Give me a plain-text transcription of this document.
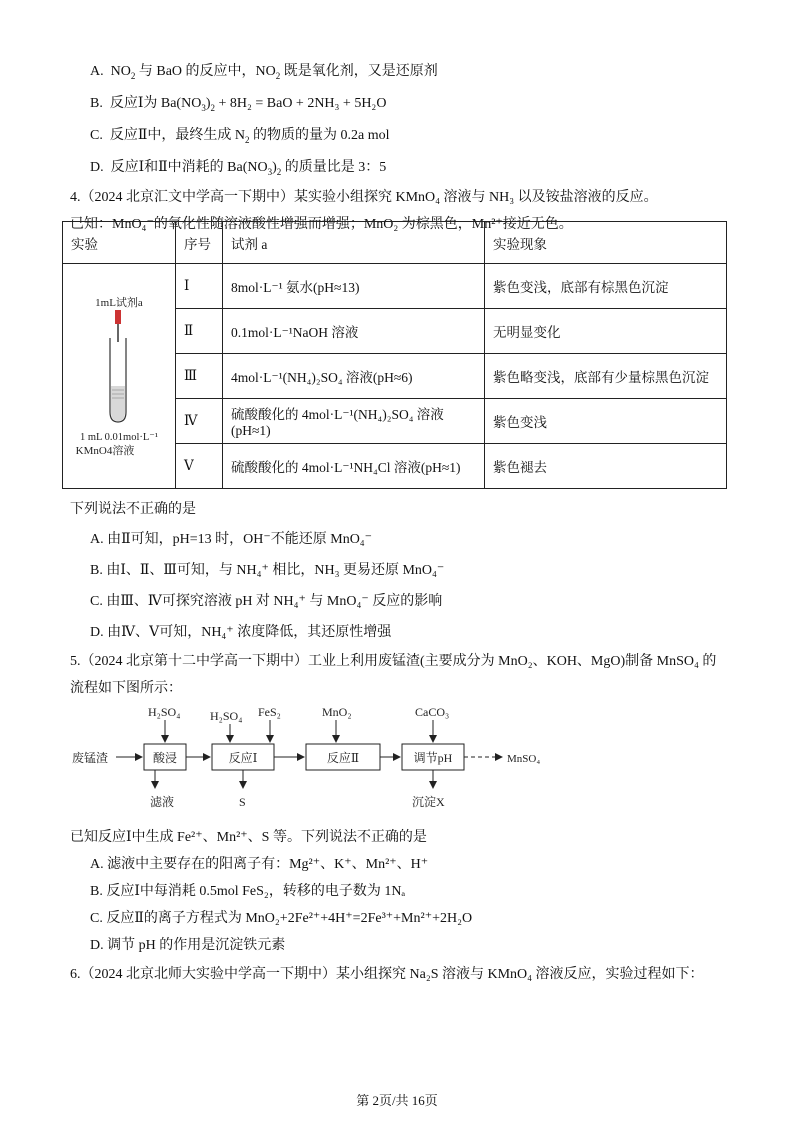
A. $NO_2$ 与 BaO 的反应中，$NO_2$ 既是氧化剂，又是还原剂
B. 反应Ⅰ为 $Ba(NO_3)_2 + 8H_2$ = BaO + 2NH₃ + 5H₂O
C. 反应Ⅱ中，最终生成 $N_2$ 的物质的量为 0.2a mol
D. 反应Ⅰ和Ⅱ中消耗的 $Ba(NO_3)_2$ 的质量比是 3：5
4.（2024 北京汇文中学高一下期中）某实验小组探究 KMnO₄ 溶液与 NH₃ 以及铵盐溶液的反应。
已知：MnO₄⁻的氧化性随溶液酸性增强而增强；MnO₂ 为棕黑色，Mn²⁺接近无色。
实验	序号	试剂 a	实验现象

1mL试剂a
1 mL 0.01mol·L⁻¹
KMnO4溶液	Ⅰ	8mol·L⁻¹ 氨水(pH≈13)	紫色变浅，底部有棕黑色沉淀
	Ⅱ	0.1mol·L⁻¹NaOH 溶液	无明显变化
	Ⅲ	4mol·L⁻¹(NH₄)₂SO₄ 溶液(pH≈6)	紫色略变浅，底部有少量棕黑色沉淀
	Ⅳ	硫酸酸化的 4mol·L⁻¹(NH₄)₂SO₄ 溶液(pH≈1)	紫色变浅
	Ⅴ	硫酸酸化的 4mol·L⁻¹NH₄Cl 溶液(pH≈1)	紫色褪去
下列说法不正确的是
A. 由Ⅱ可知，pH=13 时，OH⁻不能还原 MnO₄⁻
B. 由Ⅰ、Ⅱ、Ⅲ可知，与 NH₄⁺ 相比，NH₃ 更易还原 MnO₄⁻
C. 由Ⅲ、Ⅳ可探究溶液 pH 对 NH₄⁺ 与 MnO₄⁻ 反应的影响
D. 由Ⅳ、Ⅴ可知，NH₄⁺ 浓度降低，其还原性增强
5.（2024 北京第十二中学高一下期中）工业上利用废锰渣(主要成分为 MnO₂、KOH、MgO)制备 MnSO₄ 的
流程如下图所示：
废锰渣	酸浸
H₂SO₄
滤液
反应Ⅰ
H₂SO₄ FeS₂
S
反应Ⅱ
MnO₂
调节pH
CaCO₃
沉淀X
MnSO₄
已知反应Ⅰ中生成 Fe²⁺、Mn²⁺、S 等。下列说法不正确的是
A. 滤液中主要存在的阳离子有：Mg²⁺、K⁺、Mn²⁺、H⁺
B. 反应Ⅰ中每消耗 0.5mol FeS₂，转移的电子数为 1Nₐ
C. 反应Ⅱ的离子方程式为 MnO₂+2Fe²⁺+4H⁺=2Fe³⁺+Mn²⁺+2H₂O
D. 调节 pH 的作用是沉淀铁元素
6.（2024 北京北师大实验中学高一下期中）某小组探究 Na₂S 溶液与 KMnO₄ 溶液反应，实验过程如下：
第 2页/共 16页
